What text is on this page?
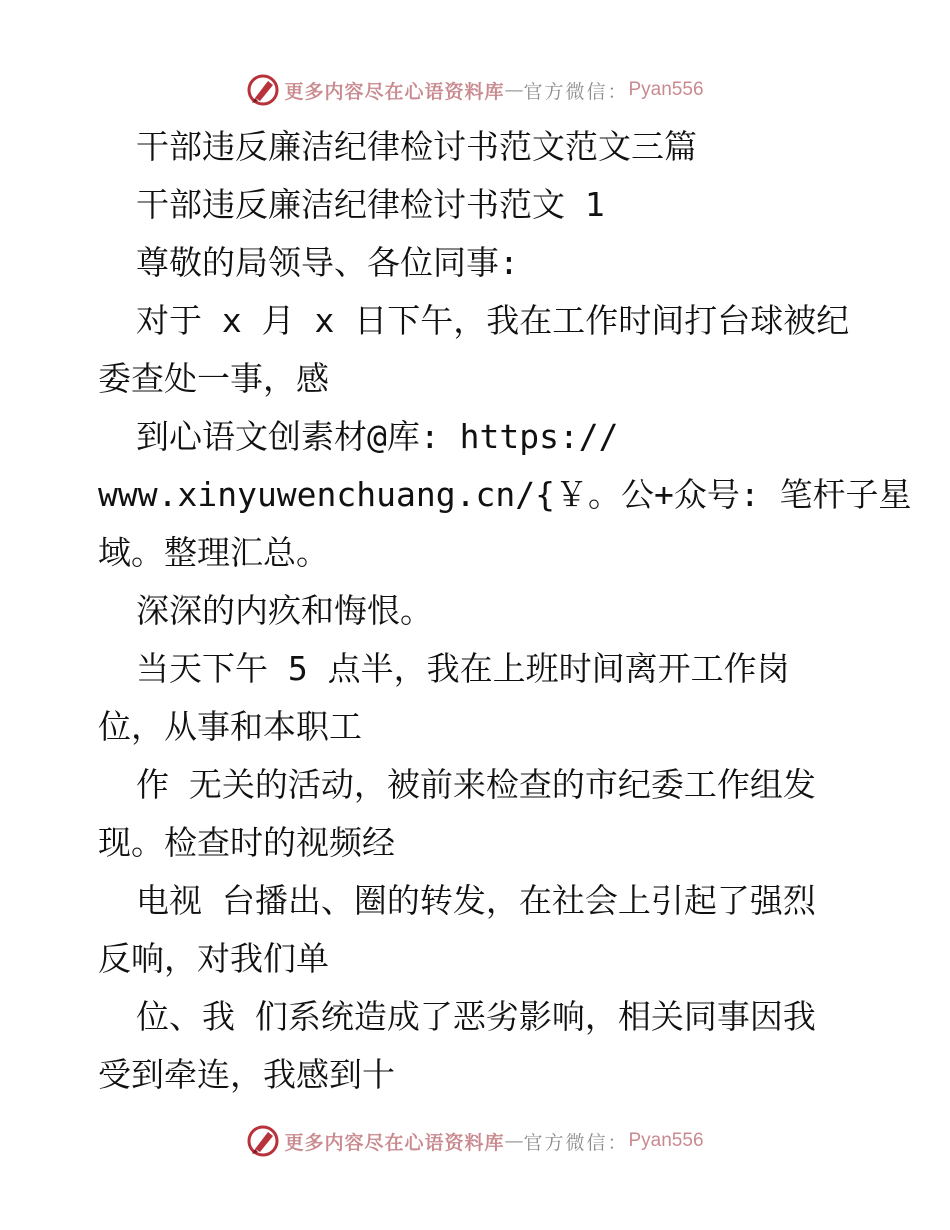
更多内容尽在心语资料库 — 官方微信： Pyan556
干部违反廉洁纪律检讨书范文范文三篇
干部违反廉洁纪律检讨书范文 1
尊敬的局领导、各位同事:
对于 x 月 x 日下午，我在工作时间打台球被纪
委查处一事，感
到心语文创素材@库: https://
www.xinyuwenchuang.cn/{￥。公+众号: 笔杆子星
域。整理汇总。
深深的内疚和悔恨。
当天下午 5 点半，我在上班时间离开工作岗
位，从事和本职工
作 无关的活动，被前来检查的市纪委工作组发
现。检查时的视频经
电视 台播出、圈的转发，在社会上引起了强烈
反响，对我们单
位、我 们系统造成了恶劣影响，相关同事因我
受到牵连，我感到十
更多内容尽在心语资料库 — 官方微信： Pyan556
